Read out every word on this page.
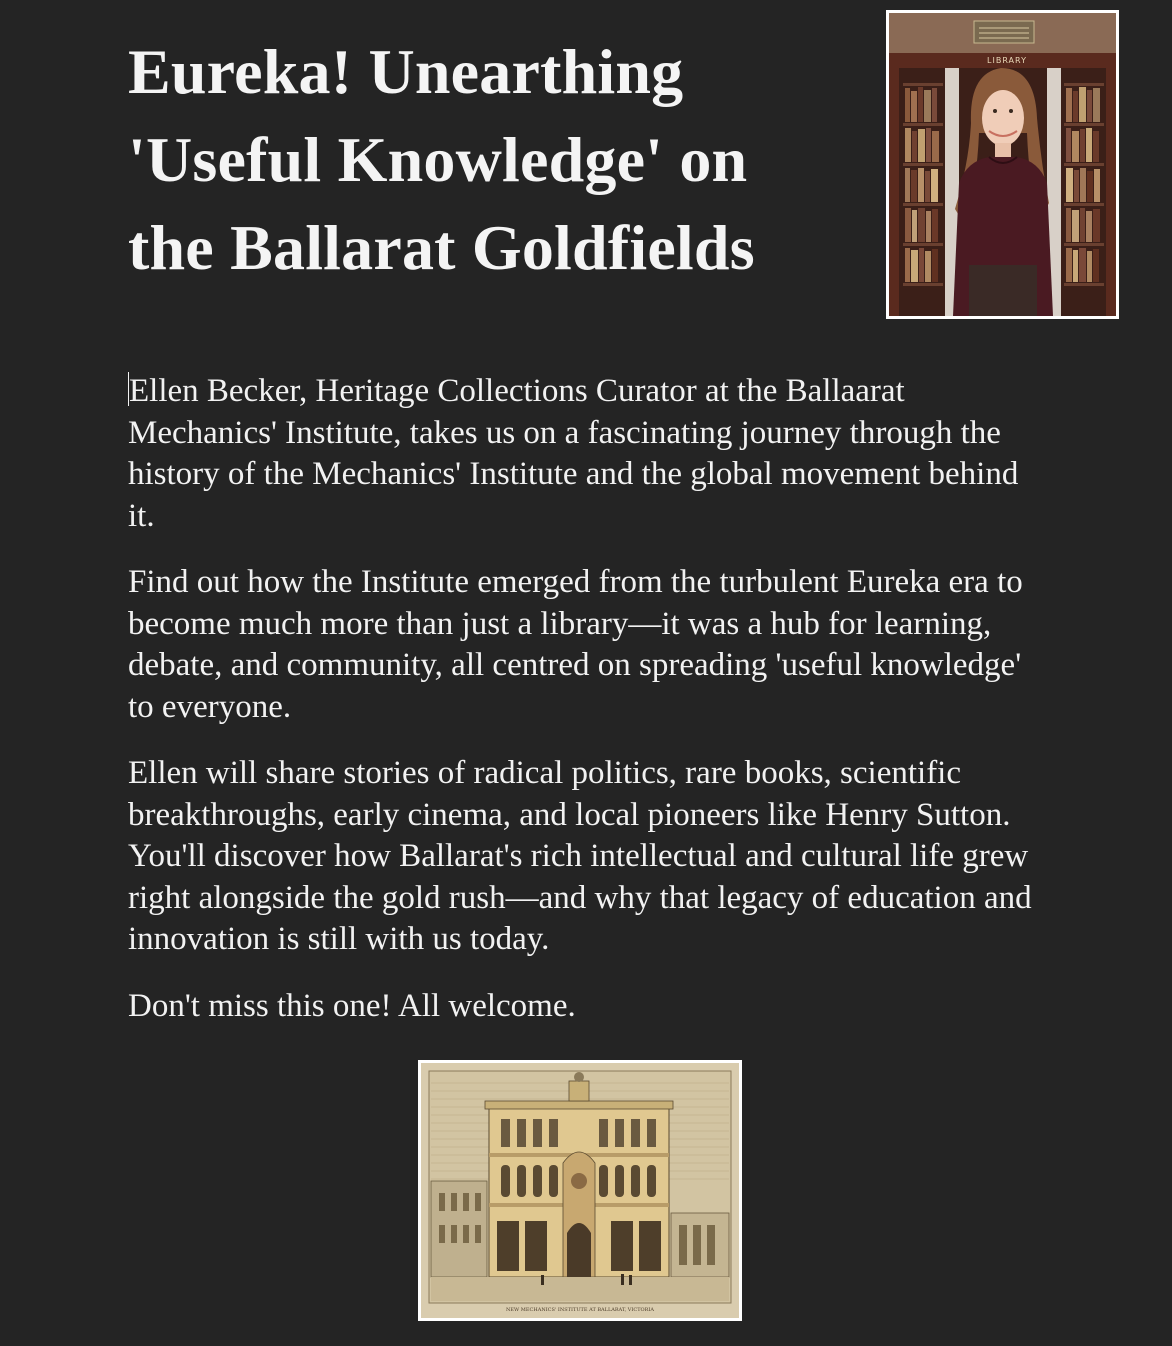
Eureka! Unearthing 'Useful Knowledge' on the Ballarat Goldfields
LIBRARY

Ellen Becker, Heritage Collections Curator at the Ballaarat Mechanics' Institute, takes us on a fascinating journey through the history of the Mechanics' Institute and the global movement behind it.

Find out how the Institute emerged from the turbulent Eureka era to become much more than just a library—it was a hub for learning, debate, and community, all centred on spreading 'useful knowledge' to everyone.

Ellen will share stories of radical politics, rare books, scientific breakthroughs, early cinema, and local pioneers like Henry Sutton. You'll discover how Ballarat's rich intellectual and cultural life grew right alongside the gold rush—and why that legacy of education and innovation is still with us today.

Don't miss this one! All welcome.

NEW MECHANICS' INSTITUTE AT BALLARAT, VICTORIA
